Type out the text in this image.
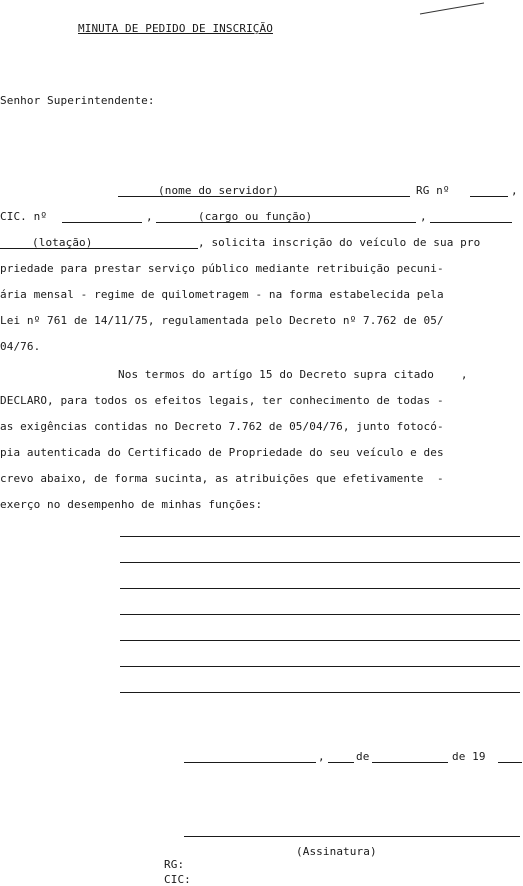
MINUTA DE PEDIDO DE INSCRIÇÃO
Senhor Superintendente:
(nome do servidor)	RG nº	,
CIC. nº	,	(cargo ou função)	,
(lotação)	, solicita inscrição do veículo de sua pro
priedade para prestar serviço público mediante retribuição pecuni-
ária mensal - regime de quilometragem - na forma estabelecida pela
Lei nº 761 de 14/11/75, regulamentada pelo Decreto nº 7.762 de 05/
04/76.
Nos termos do artígo 15 do Decreto supra citado    ,
DECLARO, para todos os efeitos legais, ter conhecimento de todas -
as exigências contidas no Decreto 7.762 de 05/04/76, junto fotocó-
pia autenticada do Certificado de Propriedade do seu veículo e des
crevo abaixo, de forma sucinta, as atribuições que efetivamente  -
exerço no desempenho de minhas funções:
,	de	de 19
(Assinatura)
RG:
CIC:
